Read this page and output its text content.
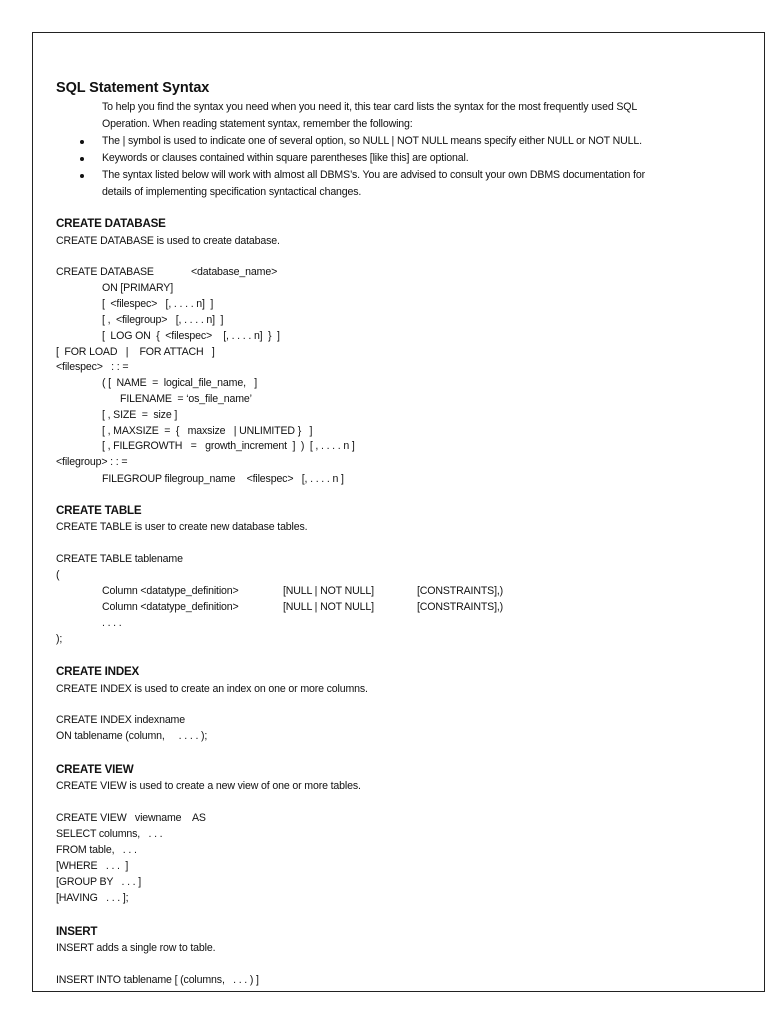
SQL Statement Syntax
To help you find the syntax you need when you need it, this tear card lists the syntax for the most frequently used SQL
Operation. When reading statement syntax, remember the following:
The | symbol is used to indicate one of several option, so NULL | NOT NULL means specify either NULL or NOT NULL.
Keywords or clauses contained within square parentheses [like this] are optional.
The syntax listed below will work with almost all DBMS’s. You are advised to consult your own DBMS documentation for
details of implementing specification syntactical changes.
CREATE DATABASE
CREATE DATABASE is used to create database.
CREATE DATABASE	<database_name>
ON [PRIMARY]
[  <filespec>   [, . . . . n]  ]
[ ,  <filegroup>   [, . . . . n]  ]
[  LOG ON  {  <filespec>    [, . . . . n]  }  ]
[  FOR LOAD   |    FOR ATTACH   ]
<filespec>   : : =
( [  NAME  =  logical_file_name,   ]
FILENAME  = ‘os_file_name’
[ , SIZE  =  size ]
[ , MAXSIZE  =  {   maxsize   | UNLIMITED }   ]
[ , FILEGROWTH   =   growth_increment  ]  )  [ , . . . . n ]
<filegroup> : : =
FILEGROUP filegroup_name    <filespec>   [, . . . . n ]
CREATE TABLE
CREATE TABLE is user to create new database tables.
CREATE TABLE tablename
(
Column <datatype_definition>	[NULL | NOT NULL]	[CONSTRAINTS],)
Column <datatype_definition>	[NULL | NOT NULL]	[CONSTRAINTS],)
. . . .
);
CREATE INDEX
CREATE INDEX is used to create an index on one or more columns.
CREATE INDEX indexname
ON tablename (column,     . . . . );
CREATE VIEW
CREATE VIEW is used to create a new view of one or more tables.
CREATE VIEW   viewname    AS
SELECT columns,   . . .
FROM table,   . . .
[WHERE   . . .  ]
[GROUP BY   . . . ]
[HAVING   . . . ];
INSERT
INSERT adds a single row to table.
INSERT INTO tablename [ (columns,   . . . ) ]
